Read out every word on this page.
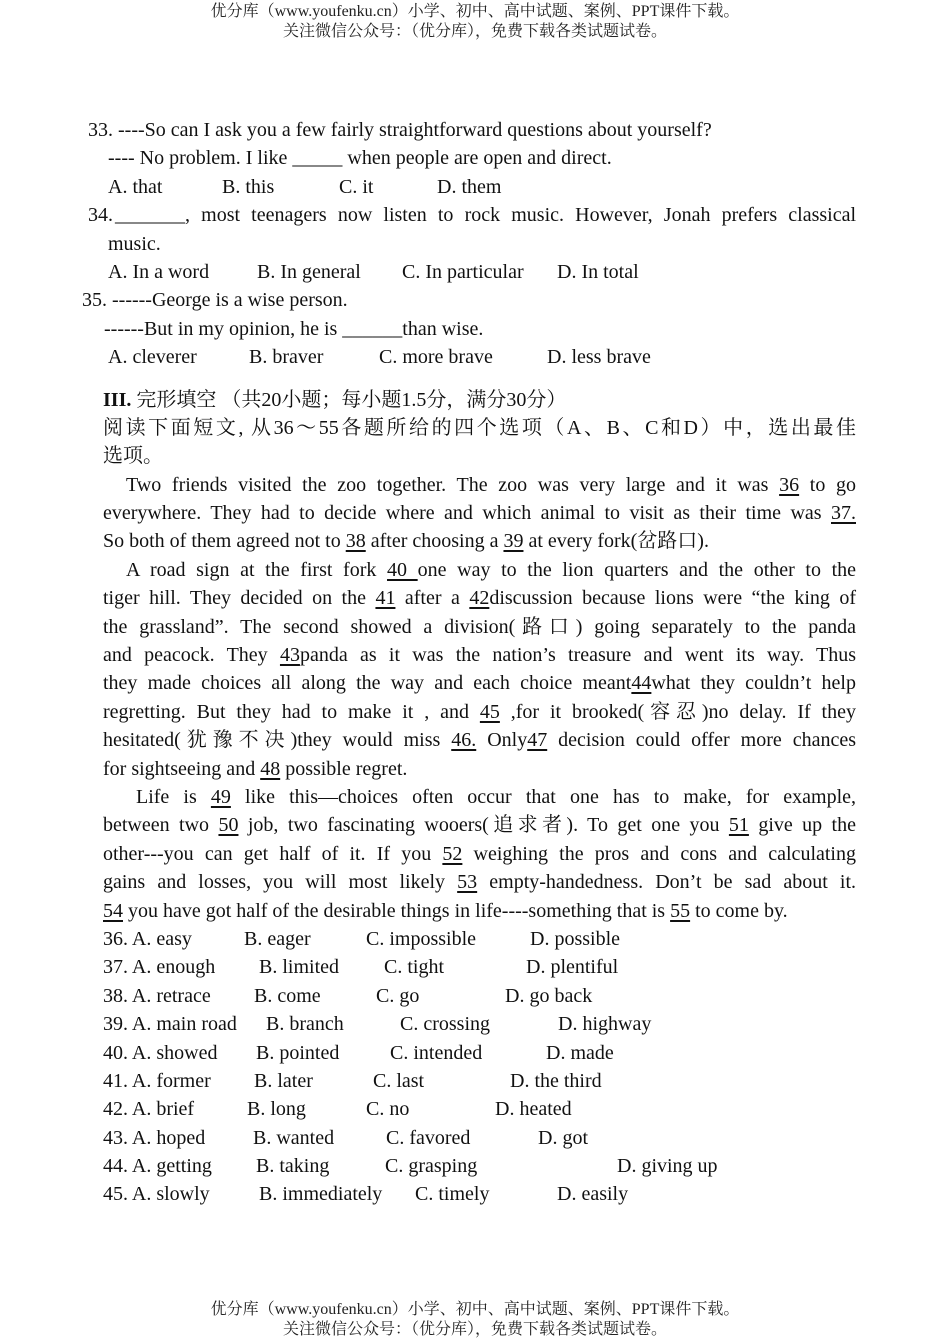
优分库（www.youfenku.cn）小学、初中、高中试题、案例、PPT课件下载。
关注微信公众号：（优分库），免费下载各类试题试卷。
33. ----So can I ask you a few fairly straightforward questions about yourself?
---- No problem. I like _____ when people are open and direct.
A. that	B. this	C. it	D. them
34. _______, most teenagers now listen to rock music. However, Jonah prefers classical
music.
A. In a word B. In general C. In particular D. In total
35. ------George is a wise person.
------But in my opinion, he is ______than wise.
A. cleverer	B. braver	C. more brave	D. less brave
III. 完形填空 （共20小题；每小题1.5分，满分30分）
阅读下面短文, 从36～55各题所给的四个选项（A、B、C和D）中，选出最佳
选项。
Two friends visited the zoo together. The zoo was very large and it was 36 to go
everywhere. They had to decide where and which animal to visit as their time was 37.
So both of them agreed not to 38 after choosing a 39 at every fork(岔路口).
A road sign at the first fork 40 one way to the lion quarters and the other to the
tiger hill. They decided on the 41 after a 42discussion because lions were “the king of
the grassland”. The second showed a division(路口) going separately to the panda
and peacock. They 43panda as it was the nation’s treasure and went its way. Thus
they made choices all along the way and each choice meant44what they couldn’t help
regretting. But they had to make it , and 45 ,for it brooked(容忍)no delay. If they
hesitated(犹豫不决)they would miss 46. Only47 decision could offer more chances
for sightseeing and 48 possible regret.
Life is 49 like this—choices often occur that one has to make, for example,
between two 50 job, two fascinating wooers(追求者). To get one you 51 give up the
other---you can get half of it. If you 52 weighing the pros and cons and calculating
gains and losses, you will most likely 53 empty-handedness. Don’t be sad about it.
54 you have got half of the desirable things in life----something that is 55 to come by.
36. A. easy	B. eager	C. impossible	D. possible
37. A. enough B. limited C. tight	D. plentiful
38. A. retrace B. come	C. go	D. go back
39. A. main road B. branch	C. crossing	D. highway
40. A. showed B. pointed	C. intended	D. made
41. A. former B. later	C. last	D. the third
42. A. brief	B. long	C. no	D. heated
43. A. hoped B. wanted	C. favored	D. got
44. A. getting B. taking	C. grasping	D. giving up
45. A. slowly B. immediately C. timely	D. easily
优分库（www.youfenku.cn）小学、初中、高中试题、案例、PPT课件下载。
关注微信公众号：（优分库），免费下载各类试题试卷。
